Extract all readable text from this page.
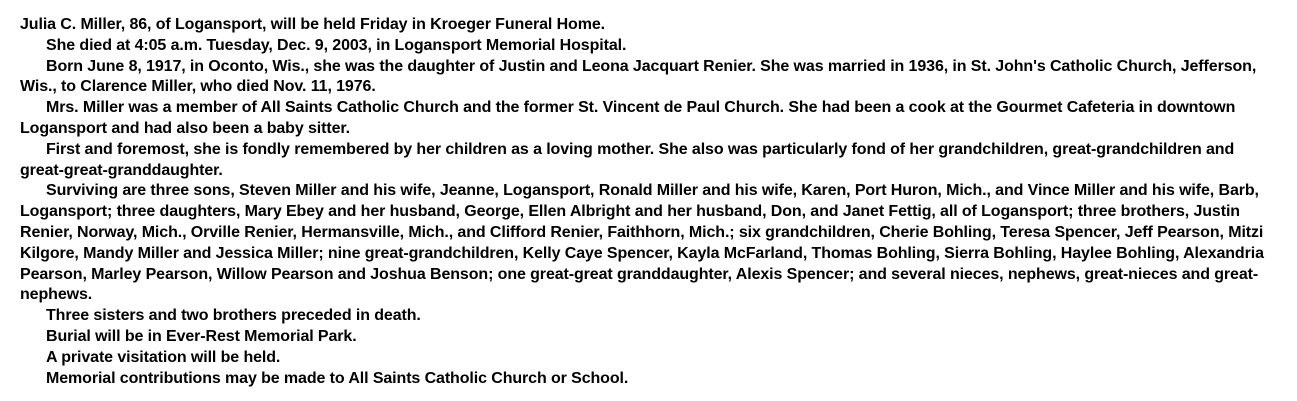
Julia C. Miller, 86, of Logansport, will be held Friday in Kroeger Funeral Home.

She died at 4:05 a.m. Tuesday, Dec. 9, 2003, in Logansport Memorial Hospital.

Born June 8, 1917, in Oconto, Wis., she was the daughter of Justin and Leona Jacquart Renier. She was married in 1936, in St. John's Catholic Church, Jefferson, Wis., to Clarence Miller, who died Nov. 11, 1976.

Mrs. Miller was a member of All Saints Catholic Church and the former St. Vincent de Paul Church. She had been a cook at the Gourmet Cafeteria in downtown Logansport and had also been a baby sitter.

First and foremost, she is fondly remembered by her children as a loving mother. She also was particularly fond of her grandchildren, great-grandchildren and great-great-granddaughter.

Surviving are three sons, Steven Miller and his wife, Jeanne, Logansport, Ronald Miller and his wife, Karen, Port Huron, Mich., and Vince Miller and his wife, Barb, Logansport; three daughters, Mary Ebey and her husband, George, Ellen Albright and her husband, Don, and Janet Fettig, all of Logansport; three brothers, Justin Renier, Norway, Mich., Orville Renier, Hermansville, Mich., and Clifford Renier, Faithhorn, Mich.; six grandchildren, Cherie Bohling, Teresa Spencer, Jeff Pearson, Mitzi Kilgore, Mandy Miller and Jessica Miller; nine great-grandchildren, Kelly Caye Spencer, Kayla McFarland, Thomas Bohling, Sierra Bohling, Haylee Bohling, Alexandria Pearson, Marley Pearson, Willow Pearson and Joshua Benson; one great-great granddaughter, Alexis Spencer; and several nieces, nephews, great-nieces and great-nephews.

Three sisters and two brothers preceded in death.

Burial will be in Ever-Rest Memorial Park.

A private visitation will be held.

Memorial contributions may be made to All Saints Catholic Church or School.
